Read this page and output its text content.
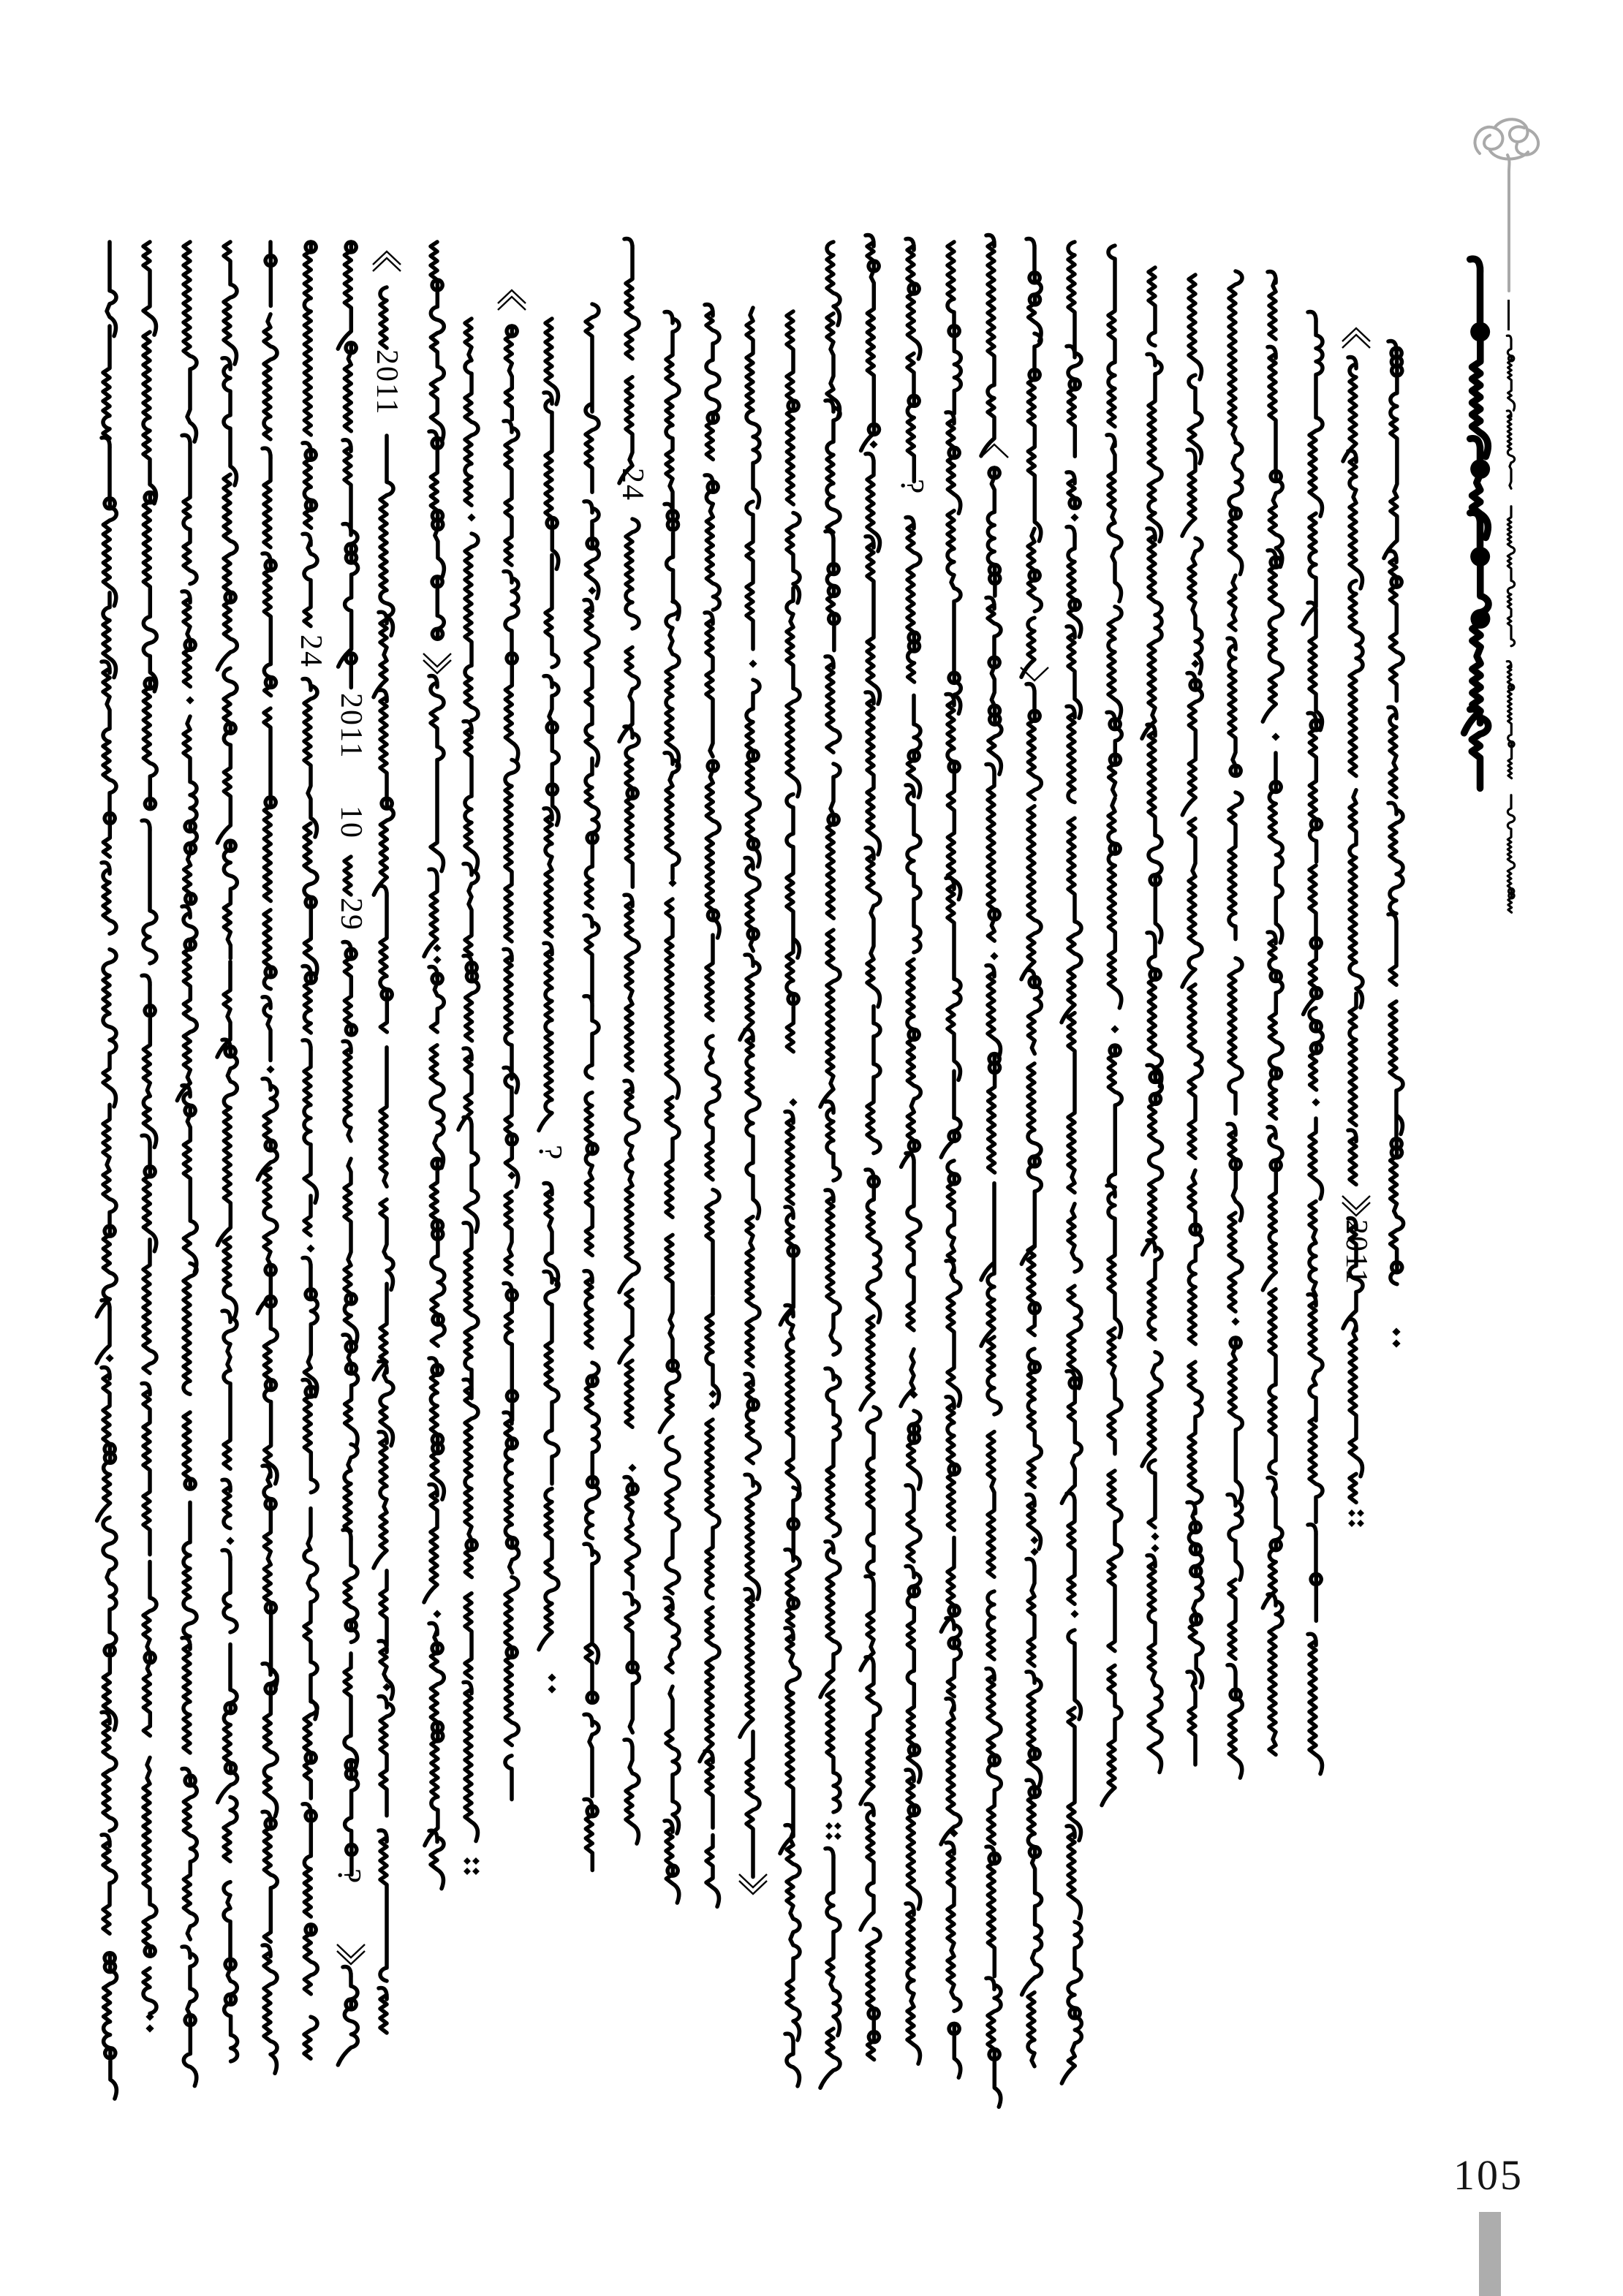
24
2011
10
29
?
2011
?
24	?
2011
105
